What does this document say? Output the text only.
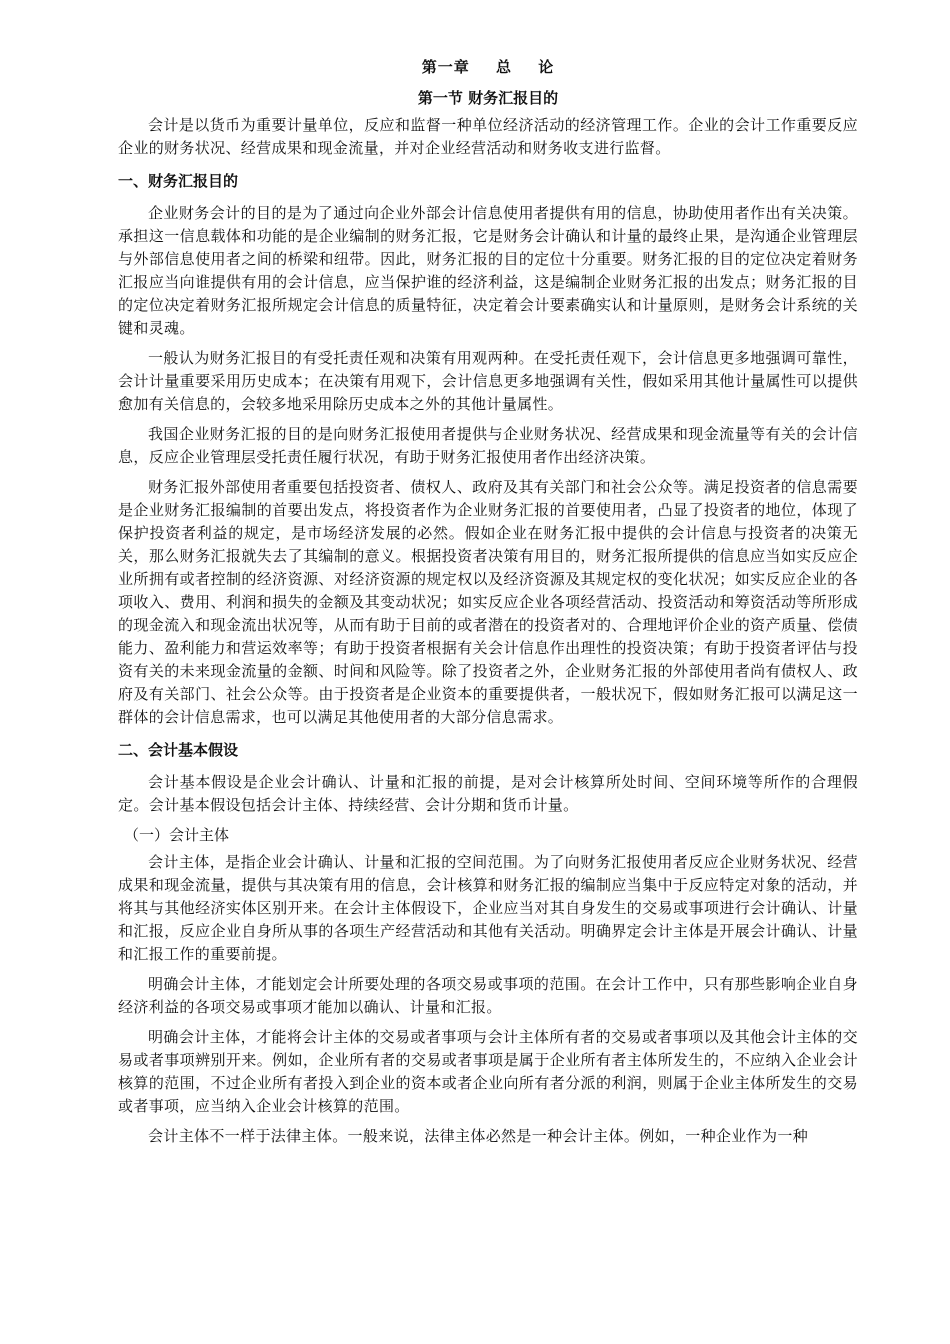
第一章 总 论
第一节 财务汇报目的

会计是以货币为重要计量单位，反应和监督一种单位经济活动的经济管理工作。企业的会计工作重要反应企业的财务状况、经营成果和现金流量，并对企业经营活动和财务收支进行监督。

一、财务汇报目的

企业财务会计的目的是为了通过向企业外部会计信息使用者提供有用的信息，协助使用者作出有关决策。承担这一信息载体和功能的是企业编制的财务汇报，它是财务会计确认和计量的最终止果，是沟通企业管理层与外部信息使用者之间的桥梁和纽带。因此，财务汇报的目的定位十分重要。财务汇报的目的定位决定着财务汇报应当向谁提供有用的会计信息，应当保护谁的经济利益，这是编制企业财务汇报的出发点；财务汇报的目的定位决定着财务汇报所规定会计信息的质量特征，决定着会计要素确实认和计量原则，是财务会计系统的关键和灵魂。

一般认为财务汇报目的有受托责任观和决策有用观两种。在受托责任观下，会计信息更多地强调可靠性，会计计量重要采用历史成本；在决策有用观下，会计信息更多地强调有关性，假如采用其他计量属性可以提供愈加有关信息的，会较多地采用除历史成本之外的其他计量属性。

我国企业财务汇报的目的是向财务汇报使用者提供与企业财务状况、经营成果和现金流量等有关的会计信息，反应企业管理层受托责任履行状况，有助于财务汇报使用者作出经济决策。

财务汇报外部使用者重要包括投资者、债权人、政府及其有关部门和社会公众等。满足投资者的信息需要是企业财务汇报编制的首要出发点，将投资者作为企业财务汇报的首要使用者，凸显了投资者的地位，体现了保护投资者利益的规定，是市场经济发展的必然。假如企业在财务汇报中提供的会计信息与投资者的决策无关，那么财务汇报就失去了其编制的意义。根据投资者决策有用目的，财务汇报所提供的信息应当如实反应企业所拥有或者控制的经济资源、对经济资源的规定权以及经济资源及其规定权的变化状况；如实反应企业的各项收入、费用、利润和损失的金额及其变动状况；如实反应企业各项经营活动、投资活动和筹资活动等所形成的现金流入和现金流出状况等，从而有助于目前的或者潜在的投资者对的、合理地评价企业的资产质量、偿债能力、盈利能力和营运效率等；有助于投资者根据有关会计信息作出理性的投资决策；有助于投资者评估与投资有关的未来现金流量的金额、时间和风险等。除了投资者之外，企业财务汇报的外部使用者尚有债权人、政府及有关部门、社会公众等。由于投资者是企业资本的重要提供者，一般状况下，假如财务汇报可以满足这一群体的会计信息需求，也可以满足其他使用者的大部分信息需求。

二、会计基本假设

会计基本假设是企业会计确认、计量和汇报的前提，是对会计核算所处时间、空间环境等所作的合理假定。会计基本假设包括会计主体、持续经营、会计分期和货币计量。

（一）会计主体

会计主体，是指企业会计确认、计量和汇报的空间范围。为了向财务汇报使用者反应企业财务状况、经营成果和现金流量，提供与其决策有用的信息，会计核算和财务汇报的编制应当集中于反应特定对象的活动，并将其与其他经济实体区别开来。在会计主体假设下，企业应当对其自身发生的交易或事项进行会计确认、计量和汇报，反应企业自身所从事的各项生产经营活动和其他有关活动。明确界定会计主体是开展会计确认、计量和汇报工作的重要前提。

明确会计主体，才能划定会计所要处理的各项交易或事项的范围。在会计工作中，只有那些影响企业自身经济利益的各项交易或事项才能加以确认、计量和汇报。

明确会计主体，才能将会计主体的交易或者事项与会计主体所有者的交易或者事项以及其他会计主体的交易或者事项辨别开来。例如，企业所有者的交易或者事项是属于企业所有者主体所发生的，不应纳入企业会计核算的范围，不过企业所有者投入到企业的资本或者企业向所有者分派的利润，则属于企业主体所发生的交易或者事项，应当纳入企业会计核算的范围。

会计主体不一样于法律主体。一般来说，法律主体必然是一种会计主体。例如，一种企业作为一种
